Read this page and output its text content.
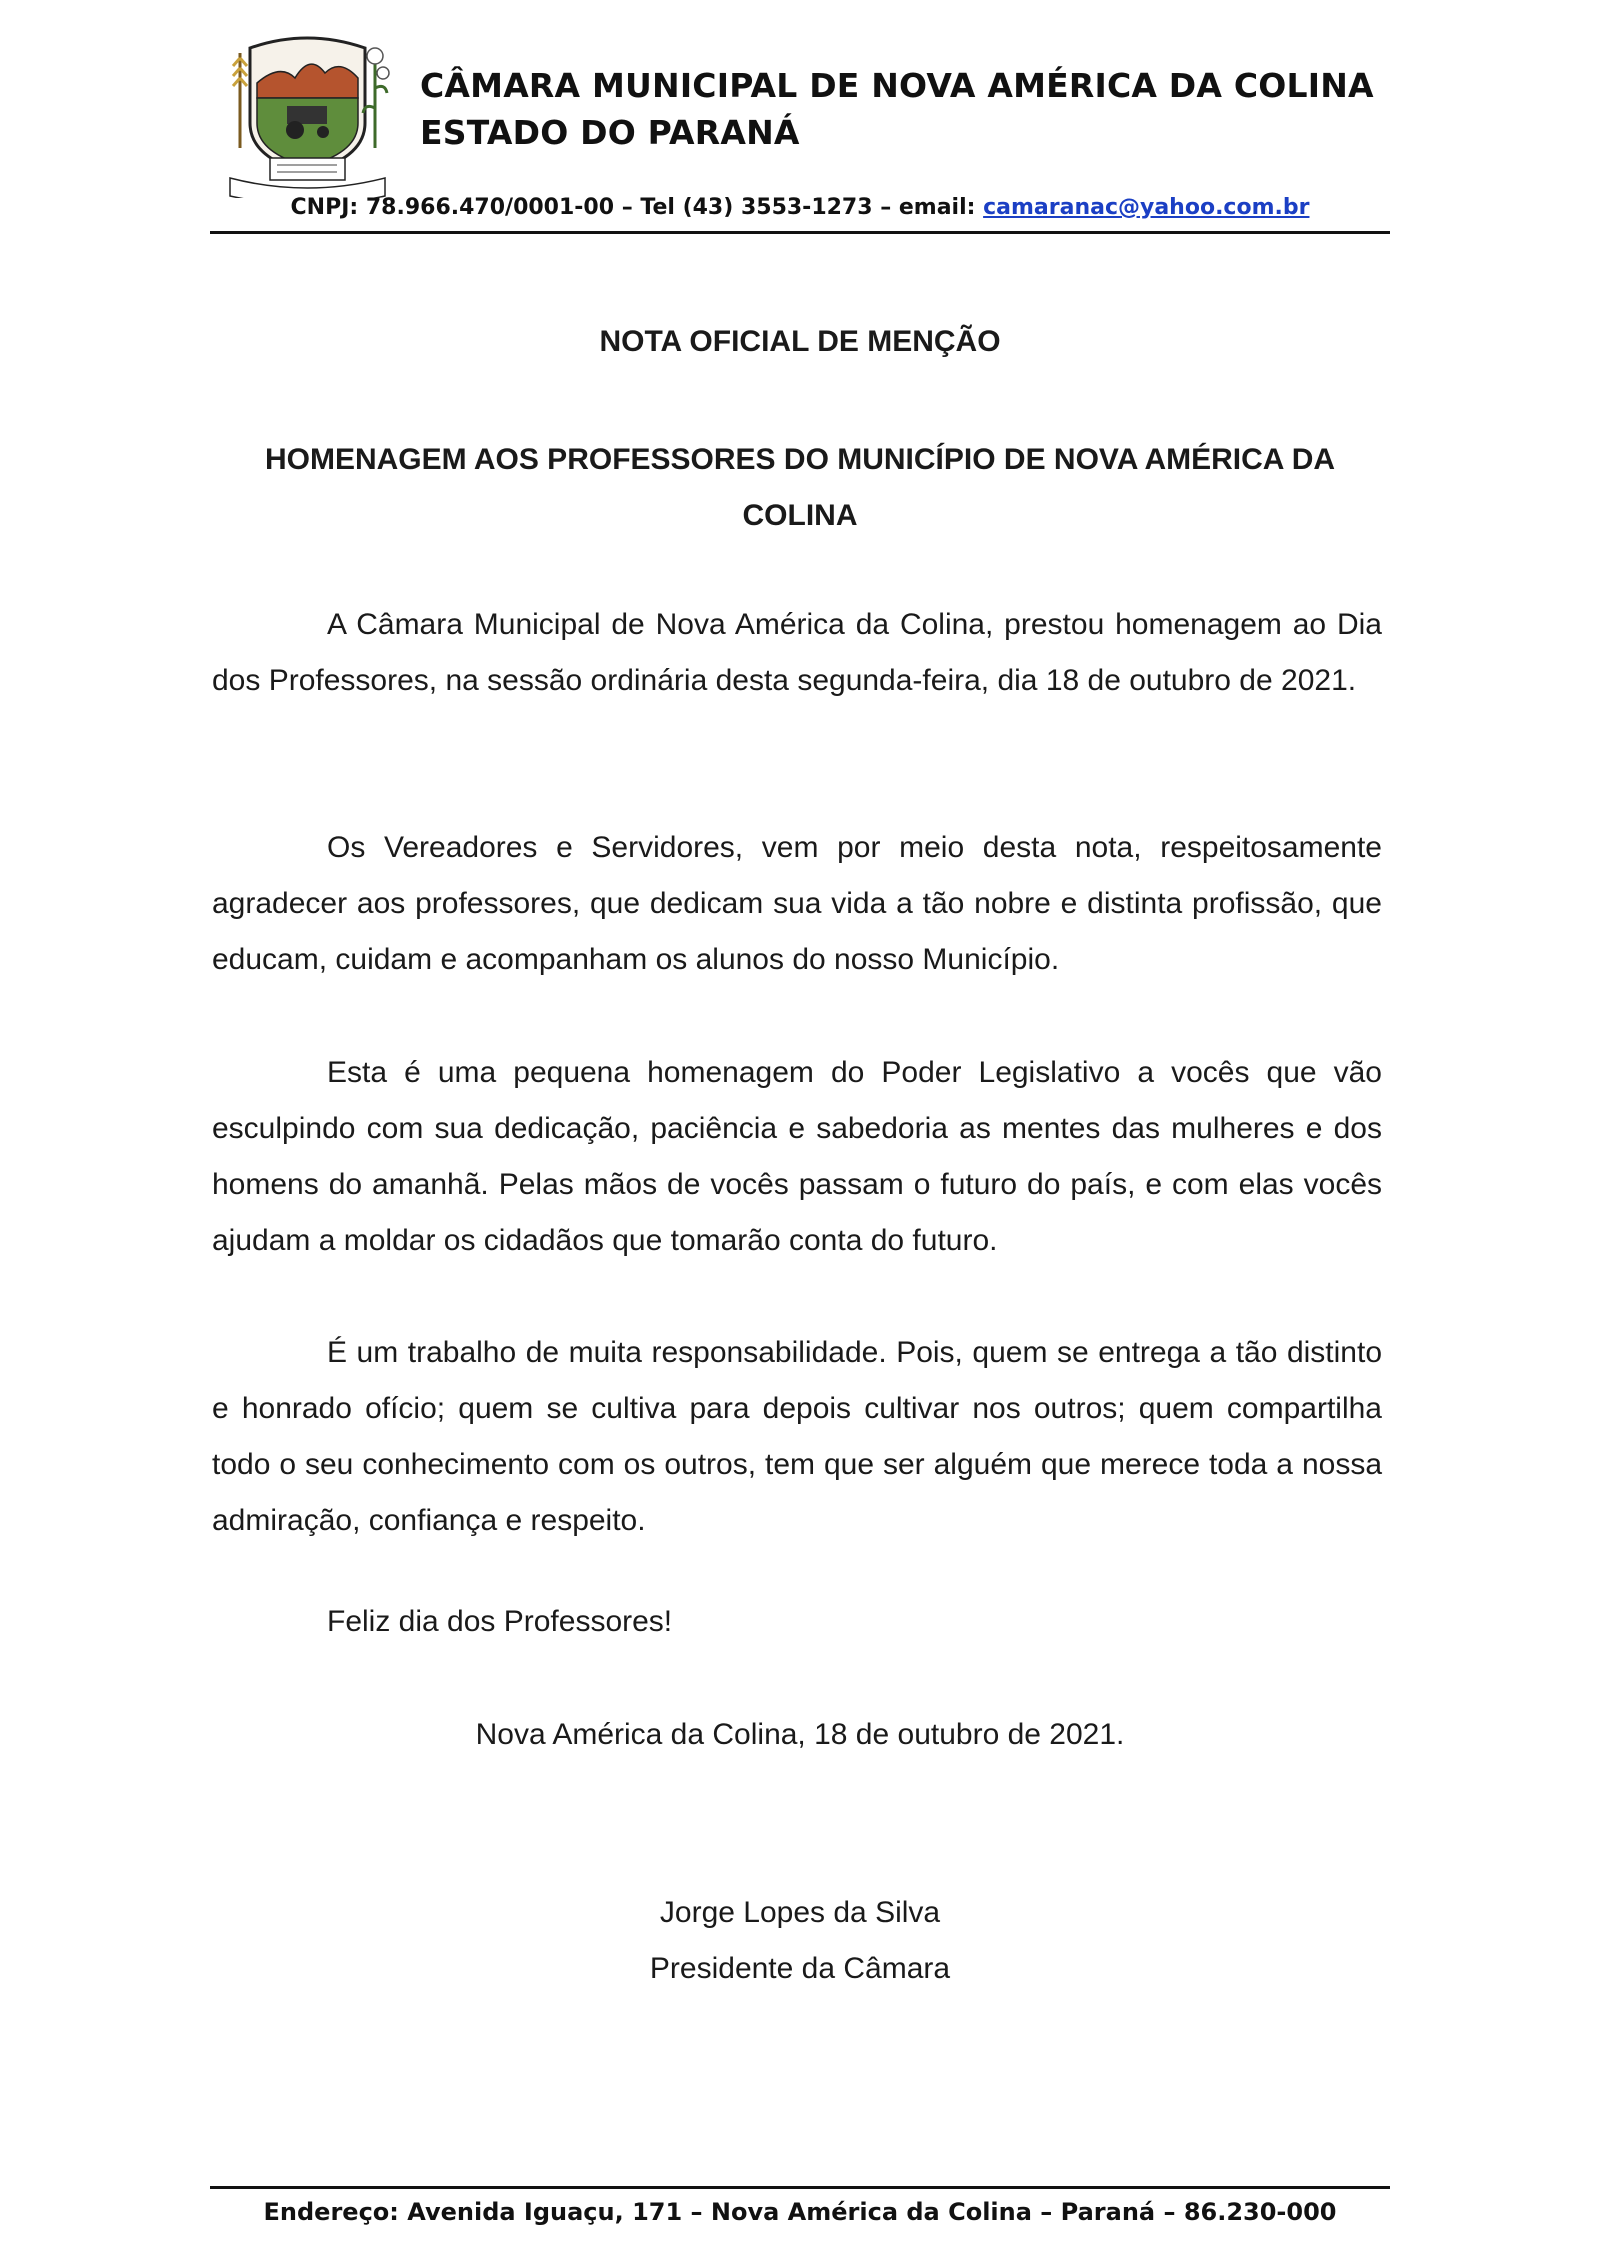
CÂMARA MUNICIPAL DE NOVA AMÉRICA DA COLINA
ESTADO DO PARANÁ
CNPJ: 78.966.470/0001-00 – Tel (43) 3553-1273 – email: camaranac@yahoo.com.br
NOTA OFICIAL DE MENÇÃO
HOMENAGEM AOS PROFESSORES DO MUNICÍPIO DE NOVA AMÉRICA DA COLINA

A Câmara Municipal de Nova América da Colina, prestou homenagem ao Dia dos Professores, na sessão ordinária desta segunda-feira, dia 18 de outubro de 2021.

Os Vereadores e Servidores, vem por meio desta nota, respeitosamente agradecer aos professores, que dedicam sua vida a tão nobre e distinta profissão, que educam, cuidam e acompanham os alunos do nosso Município.

Esta é uma pequena homenagem do Poder Legislativo a vocês que vão esculpindo com sua dedicação, paciência e sabedoria as mentes das mulheres e dos homens do amanhã. Pelas mãos de vocês passam o futuro do país, e com elas vocês ajudam a moldar os cidadãos que tomarão conta do futuro.

É um trabalho de muita responsabilidade. Pois, quem se entrega a tão distinto e honrado ofício; quem se cultiva para depois cultivar nos outros; quem compartilha todo o seu conhecimento com os outros, tem que ser alguém que merece toda a nossa admiração, confiança e respeito.

Feliz dia dos Professores!
Nova América da Colina, 18 de outubro de 2021.
Jorge Lopes da Silva
Presidente da Câmara
Endereço: Avenida Iguaçu, 171 – Nova América da Colina – Paraná – 86.230-000
